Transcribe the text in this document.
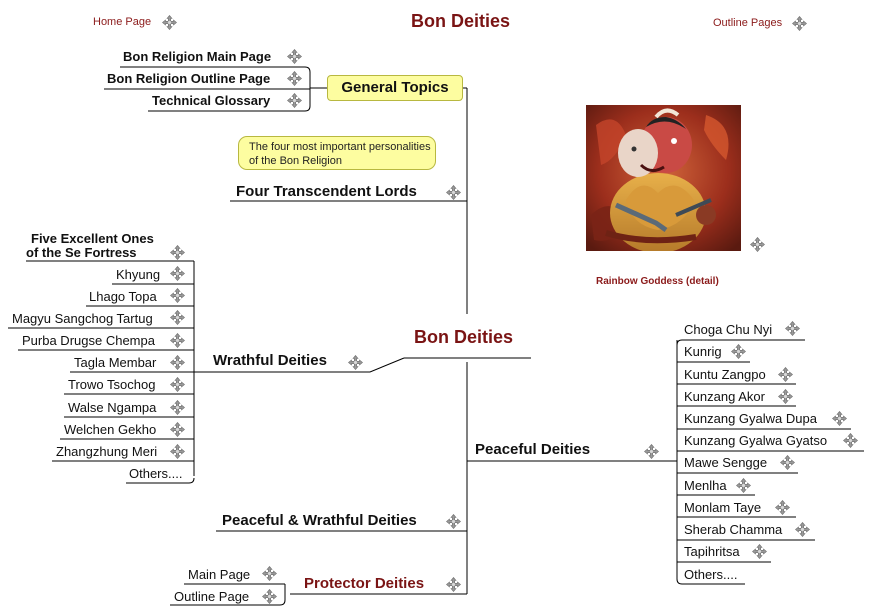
Home Page	Bon Deities	Outline Pages
Bon Deities
General Topics
Bon Religion Main Page
Bon Religion Outline Page
Technical Glossary
The four most important personalities of the Bon Religion
Four Transcendent Lords
Wrathful Deities
Five Excellent Ones
of the Se Fortress
Khyung
Lhago Topa
Magyu Sangchog Tartug
Purba Drugse Chempa
Tagla Membar
Trowo Tsochog
Walse Ngampa
Welchen Gekho
Zhangzhung Meri
Others....
Peaceful Deities
Choga Chu Nyi
Kunrig
Kuntu Zangpo
Kunzang Akor
Kunzang Gyalwa Dupa
Kunzang Gyalwa Gyatso
Mawe Sengge
Menlha
Monlam Taye
Sherab Chamma
Tapihritsa
Others....
Peaceful & Wrathful Deities
Protector Deities
Main Page
Outline Page
Rainbow Goddess (detail)
